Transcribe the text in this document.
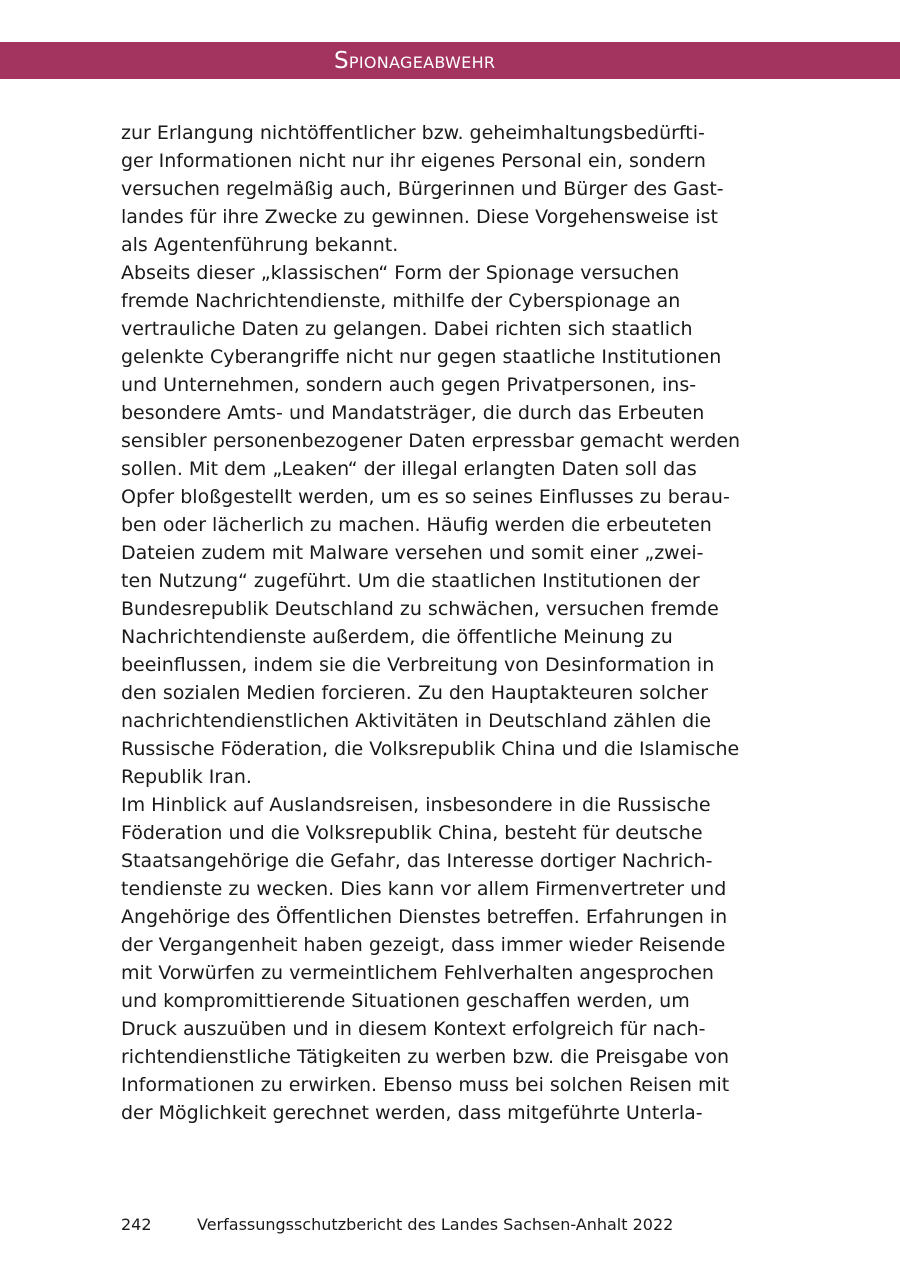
Spionageabwehr
zur Erlangung nichtöffentlicher bzw. geheimhaltungsbedürfti-
ger Informationen nicht nur ihr eigenes Personal ein, sondern
versuchen regelmäßig auch, Bürgerinnen und Bürger des Gast-
landes für ihre Zwecke zu gewinnen. Diese Vorgehensweise ist
als Agentenführung bekannt.
Abseits dieser „klassischen“ Form der Spionage versuchen
fremde Nachrichtendienste, mithilfe der Cyberspionage an
vertrauliche Daten zu gelangen. Dabei richten sich staatlich
gelenkte Cyberangriffe nicht nur gegen staatliche Institutionen
und Unternehmen, sondern auch gegen Privatpersonen, ins-
besondere Amts- und Mandatsträger, die durch das Erbeuten
sensibler personenbezogener Daten erpressbar gemacht werden
sollen. Mit dem „Leaken“ der illegal erlangten Daten soll das
Opfer bloßgestellt werden, um es so seines Einflusses zu berau-
ben oder lächerlich zu machen. Häufig werden die erbeuteten
Dateien zudem mit Malware versehen und somit einer „zwei-
ten Nutzung“ zugeführt. Um die staatlichen Institutionen der
Bundesrepublik Deutschland zu schwächen, versuchen fremde
Nachrichtendienste außerdem, die öffentliche Meinung zu
beeinflussen, indem sie die Verbreitung von Desinformation in
den sozialen Medien forcieren. Zu den Hauptakteuren solcher
nachrichtendienstlichen Aktivitäten in Deutschland zählen die
Russische Föderation, die Volksrepublik China und die Islamische
Republik Iran.
Im Hinblick auf Auslandsreisen, insbesondere in die Russische
Föderation und die Volksrepublik China, besteht für deutsche
Staatsangehörige die Gefahr, das Interesse dortiger Nachrich-
tendienste zu wecken. Dies kann vor allem Firmenvertreter und
Angehörige des Öffentlichen Dienstes betreffen. Erfahrungen in
der Vergangenheit haben gezeigt, dass immer wieder Reisende
mit Vorwürfen zu vermeintlichem Fehlverhalten angesprochen
und kompromittierende Situationen geschaffen werden, um
Druck auszuüben und in diesem Kontext erfolgreich für nach-
richtendienstliche Tätigkeiten zu werben bzw. die Preisgabe von
Informationen zu erwirken. Ebenso muss bei solchen Reisen mit
der Möglichkeit gerechnet werden, dass mitgeführte Unterla-
242	Verfassungsschutzbericht des Landes Sachsen-Anhalt 2022
